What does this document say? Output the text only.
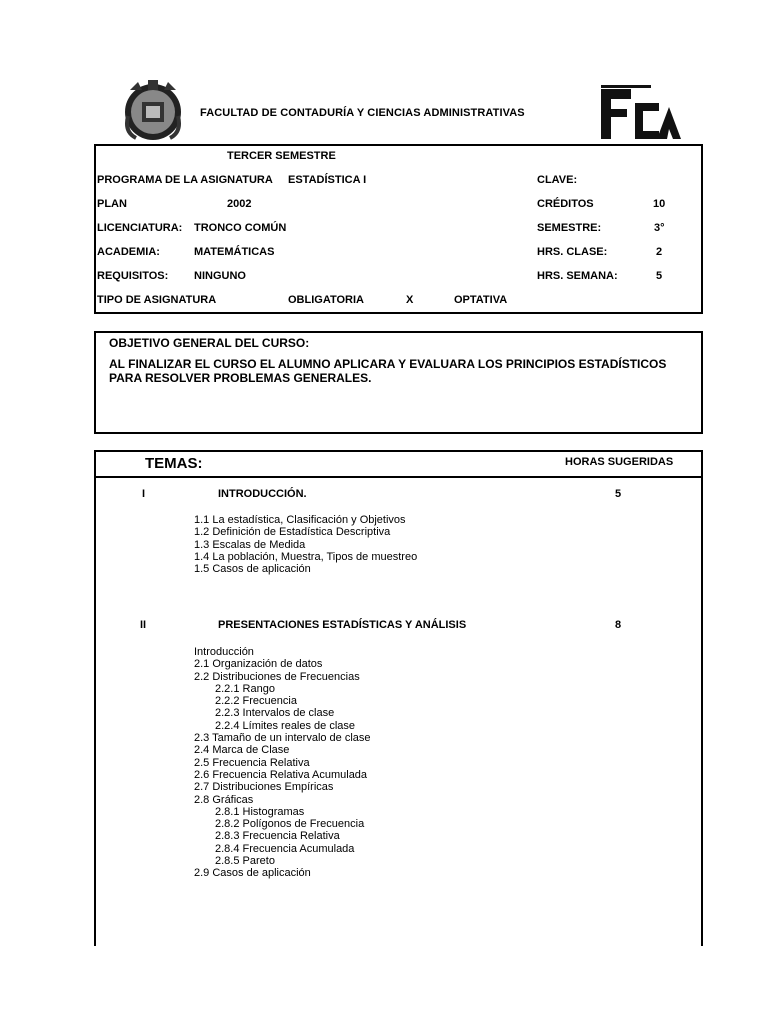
FACULTAD DE CONTADURÍA Y CIENCIAS ADMINISTRATIVAS
TERCER SEMESTRE
PROGRAMA DE LA ASIGNATURA ESTADÍSTICA I	CLAVE:
PLAN	2002	CRÉDITOS	10
LICENCIATURA: TRONCO COMÚN	SEMESTRE:	3°
ACADEMIA:	MATEMÁTICAS	HRS. CLASE:	2
REQUISITOS: NINGUNO	HRS. SEMANA:	5
TIPO DE ASIGNATURA	OBLIGATORIA	X	OPTATIVA
OBJETIVO GENERAL DEL CURSO:
AL FINALIZAR EL CURSO EL ALUMNO APLICARA Y EVALUARA LOS PRINCIPIOS ESTADÍSTICOS PARA RESOLVER PROBLEMAS GENERALES.
TEMAS:	HORAS SUGERIDAS
I	INTRODUCCIÓN.	5
1.1 La estadística, Clasificación y Objetivos
1.2 Definición de Estadística Descriptiva
1.3 Escalas de Medida
1.4 La población, Muestra, Tipos de muestreo
1.5 Casos de aplicación
II	PRESENTACIONES ESTADÍSTICAS Y ANÁLISIS	8
Introducción
2.1 Organización de datos
2.2 Distribuciones de Frecuencias
2.2.1 Rango
2.2.2 Frecuencia
2.2.3 Intervalos de clase
2.2.4 Límites reales de clase
2.3 Tamaño de un intervalo de clase
2.4 Marca de Clase
2.5 Frecuencia Relativa
2.6 Frecuencia Relativa Acumulada
2.7 Distribuciones Empíricas
2.8 Gráficas
2.8.1 Histogramas
2.8.2 Polígonos de Frecuencia
2.8.3 Frecuencia Relativa
2.8.4 Frecuencia Acumulada
2.8.5 Pareto
2.9 Casos de aplicación
